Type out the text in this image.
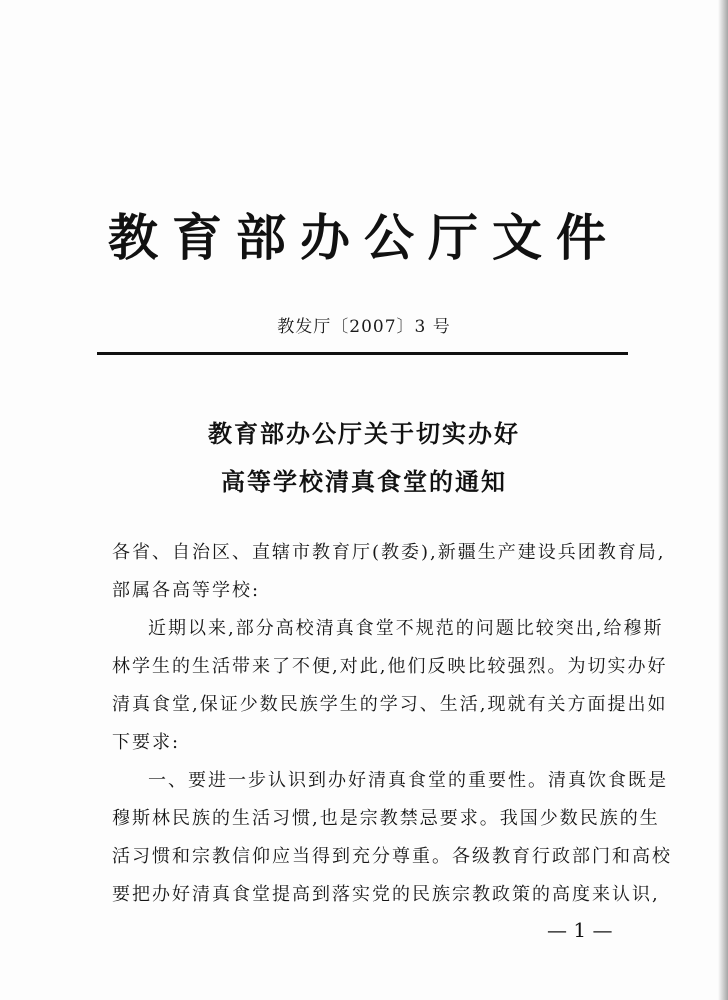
教育部办公厅文件
教发厅〔2007〕3 号
教育部办公厅关于切实办好
高等学校清真食堂的通知
各省、自治区、直辖市教育厅(教委),新疆生产建设兵团教育局,
部属各高等学校:
近期以来,部分高校清真食堂不规范的问题比较突出,给穆斯
林学生的生活带来了不便,对此,他们反映比较强烈。为切实办好
清真食堂,保证少数民族学生的学习、生活,现就有关方面提出如
下要求:
一、要进一步认识到办好清真食堂的重要性。清真饮食既是
穆斯林民族的生活习惯,也是宗教禁忌要求。我国少数民族的生
活习惯和宗教信仰应当得到充分尊重。各级教育行政部门和高校
— 1 —
要把办好清真食堂提高到落实党的民族宗教政策的高度来认识,
